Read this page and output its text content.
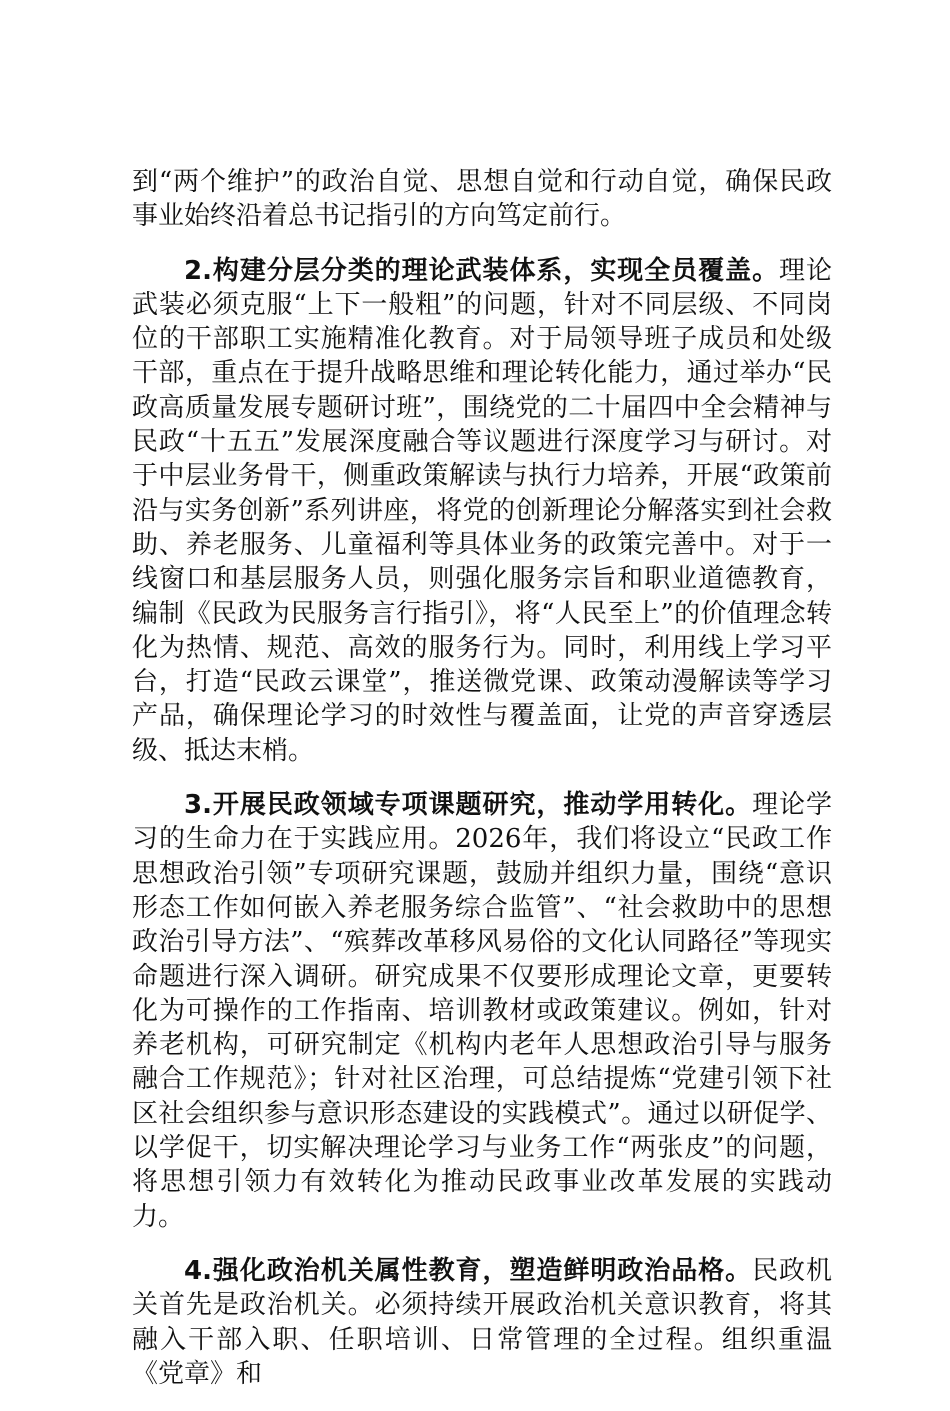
到“两个维护”的政治自觉、思想自觉和行动自觉，确保民政事业始终沿着总书记指引的方向笃定前行。

2.构建分层分类的理论武装体系，实现全员覆盖。理论武装必须克服“上下一般粗”的问题，针对不同层级、不同岗位的干部职工实施精准化教育。对于局领导班子成员和处级干部，重点在于提升战略思维和理论转化能力，通过举办“民政高质量发展专题研讨班”，围绕党的二十届四中全会精神与民政“十五五”发展深度融合等议题进行深度学习与研讨。对于中层业务骨干，侧重政策解读与执行力培养，开展“政策前沿与实务创新”系列讲座，将党的创新理论分解落实到社会救助、养老服务、儿童福利等具体业务的政策完善中。对于一线窗口和基层服务人员，则强化服务宗旨和职业道德教育，编制《民政为民服务言行指引》，将“人民至上”的价值理念转化为热情、规范、高效的服务行为。同时，利用线上学习平台，打造“民政云课堂”，推送微党课、政策动漫解读等学习产品，确保理论学习的时效性与覆盖面，让党的声音穿透层级、抵达末梢。

3.开展民政领域专项课题研究，推动学用转化。理论学习的生命力在于实践应用。2026年，我们将设立“民政工作思想政治引领”专项研究课题，鼓励并组织力量，围绕“意识形态工作如何嵌入养老服务综合监管”、“社会救助中的思想政治引导方法”、“殡葬改革移风易俗的文化认同路径”等现实命题进行深入调研。研究成果不仅要形成理论文章，更要转化为可操作的工作指南、培训教材或政策建议。例如，针对养老机构，可研究制定《机构内老年人思想政治引导与服务融合工作规范》；针对社区治理，可总结提炼“党建引领下社区社会组织参与意识形态建设的实践模式”。通过以研促学、以学促干，切实解决理论学习与业务工作“两张皮”的问题，将思想引领力有效转化为推动民政事业改革发展的实践动力。

4.强化政治机关属性教育，塑造鲜明政治品格。民政机关首先是政治机关。必须持续开展政治机关意识教育，将其融入干部入职、任职培训、日常管理的全过程。组织重温《党章》和
